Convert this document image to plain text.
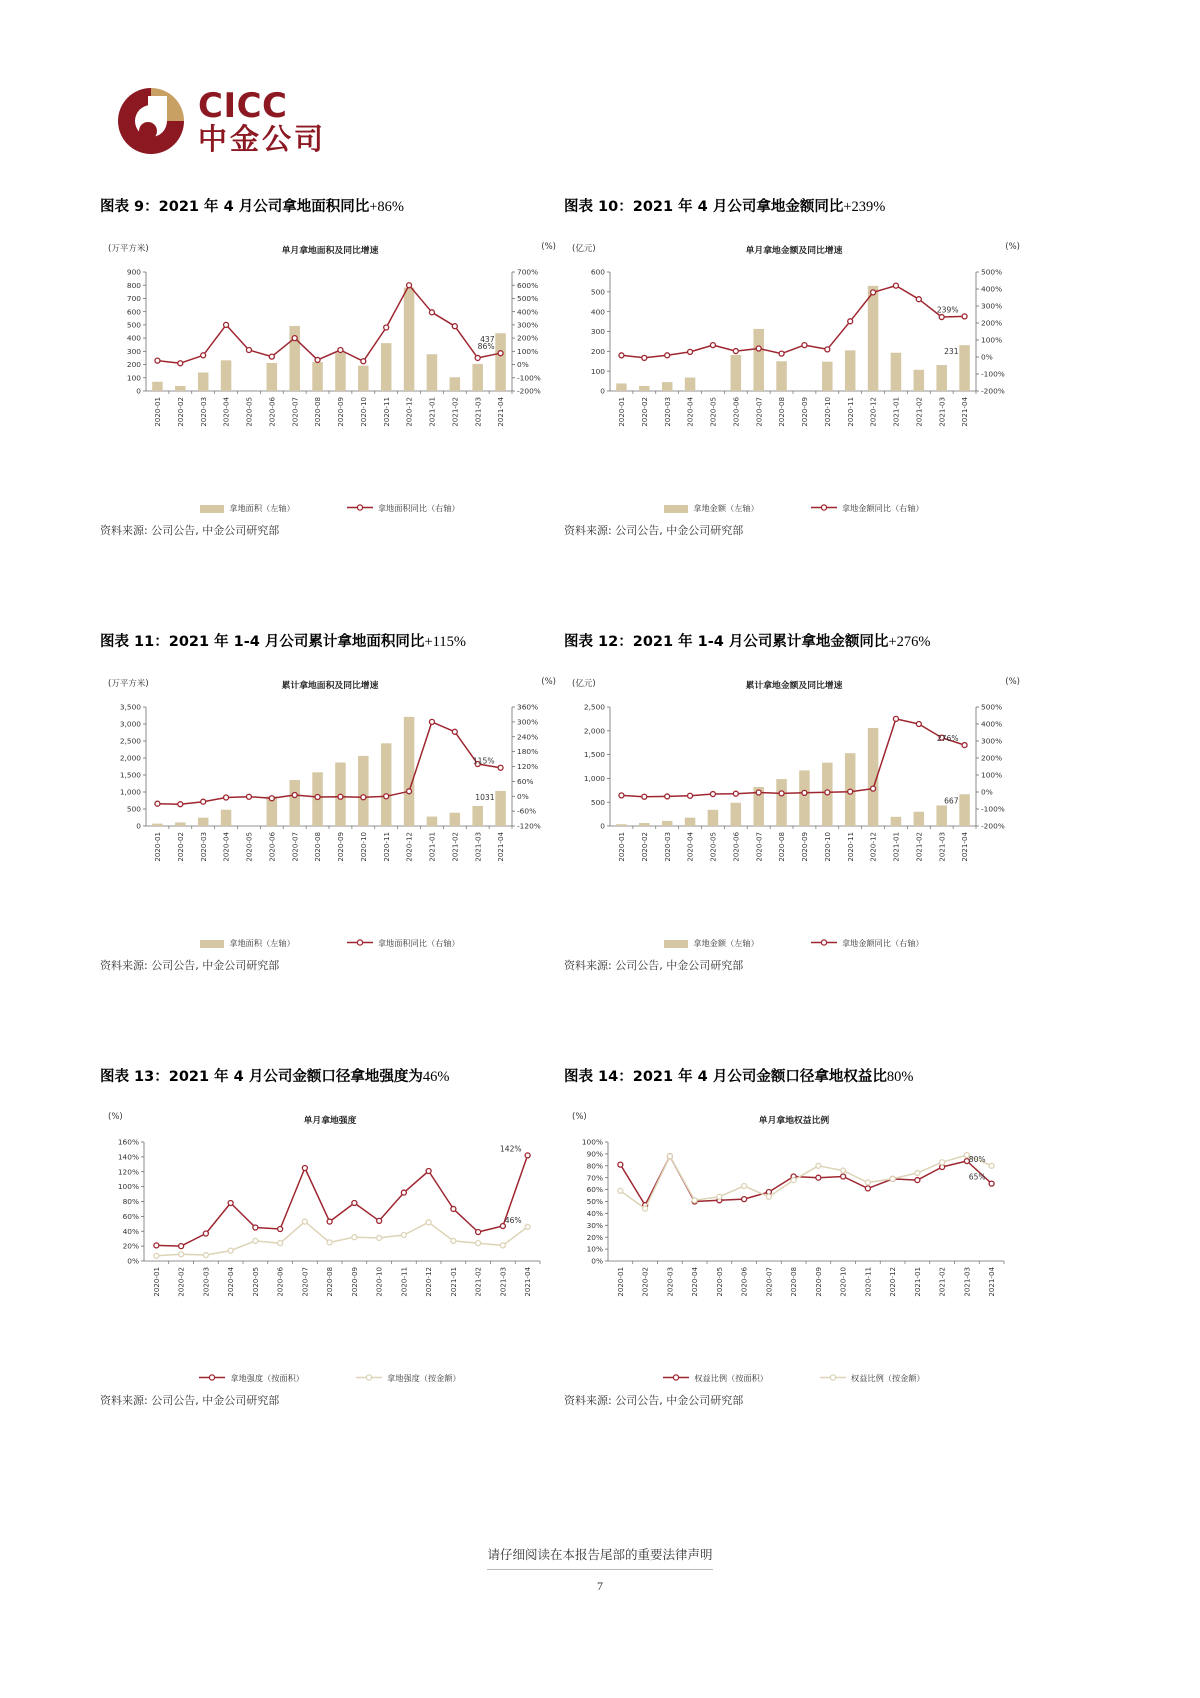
CICC
中金公司
图表 9：2021 年 4 月公司拿地面积同比+86%
(万平方米)	(%)
单月拿地面积及同比增速
0
100
200
300
400
500
600
700
800
900
-200%
-100%
0%
100%
200%
300%
400%
500%
600%
700%
2020-01 2020-02 2020-03 2020-04 2020-05 2020-06 2020-07 2020-08 2020-09 2020-10 2020-11 2020-12 2021-01 2021-02 2021-03 2021-04
86%
437
拿地面积（左轴）	拿地面积同比（右轴）
资料来源: 公司公告, 中金公司研究部
图表 10：2021 年 4 月公司拿地金额同比+239%
(亿元)	(%)
单月拿地金额及同比增速
0
100
200
300
400
500
600
-200%
-100%
0%
100%
200%
300%
400%
500%
2020-01 2020-02 2020-03 2020-04 2020-05 2020-06 2020-07 2020-08 2020-09 2020-10 2020-11 2020-12 2021-01 2021-02 2021-03 2021-04
239%
231
拿地金额（左轴）	拿地金额同比（右轴）
资料来源: 公司公告, 中金公司研究部
图表 11：2021 年 1-4 月公司累计拿地面积同比+115%
(万平方米)	(%)
累计拿地面积及同比增速
0
500
1,000
1,500
2,000
2,500
3,000
3,500
-120%
-60%
0%
60%
120%
180%
240%
300%
360%
2020-01 2020-02 2020-03 2020-04 2020-05 2020-06 2020-07 2020-08 2020-09 2020-10 2020-11 2020-12 2021-01 2021-02 2021-03 2021-04
115%
1031
拿地面积（左轴）	拿地面积同比（右轴）
资料来源: 公司公告, 中金公司研究部
图表 12：2021 年 1-4 月公司累计拿地金额同比+276%
(亿元)	(%)
累计拿地金额及同比增速
0
500
1,000
1,500
2,000
2,500
-200%
-100%
0%
100%
200%
300%
400%
500%
2020-01 2020-02 2020-03 2020-04 2020-05 2020-06 2020-07 2020-08 2020-09 2020-10 2020-11 2020-12 2021-01 2021-02 2021-03 2021-04
276%
667
拿地金额（左轴）	拿地金额同比（右轴）
资料来源: 公司公告, 中金公司研究部
图表 13：2021 年 4 月公司金额口径拿地强度为46%
(%)	单月拿地强度
0%
20%
40%
60%
80%
100%
120%
140%
160%
2020-01 2020-02 2020-03 2020-04 2020-05 2020-06 2020-07 2020-08 2020-09 2020-10 2020-11 2020-12 2021-01 2021-02 2021-03 2021-04
142%
46%
拿地强度（按面积）	拿地强度（按金额）
资料来源: 公司公告, 中金公司研究部
图表 14：2021 年 4 月公司金额口径拿地权益比80%
(%)	单月拿地权益比例
0%
10%
20%
30%
40%
50%
60%
70%
80%
90%
100%
2020-01 2020-02 2020-03 2020-04 2020-05 2020-06 2020-07 2020-08 2020-09 2020-10 2020-11 2020-12 2021-01 2021-02 2021-03 2021-04
80%
65%
权益比例（按面积）	权益比例（按金额）
资料来源: 公司公告, 中金公司研究部
请仔细阅读在本报告尾部的重要法律声明
7
